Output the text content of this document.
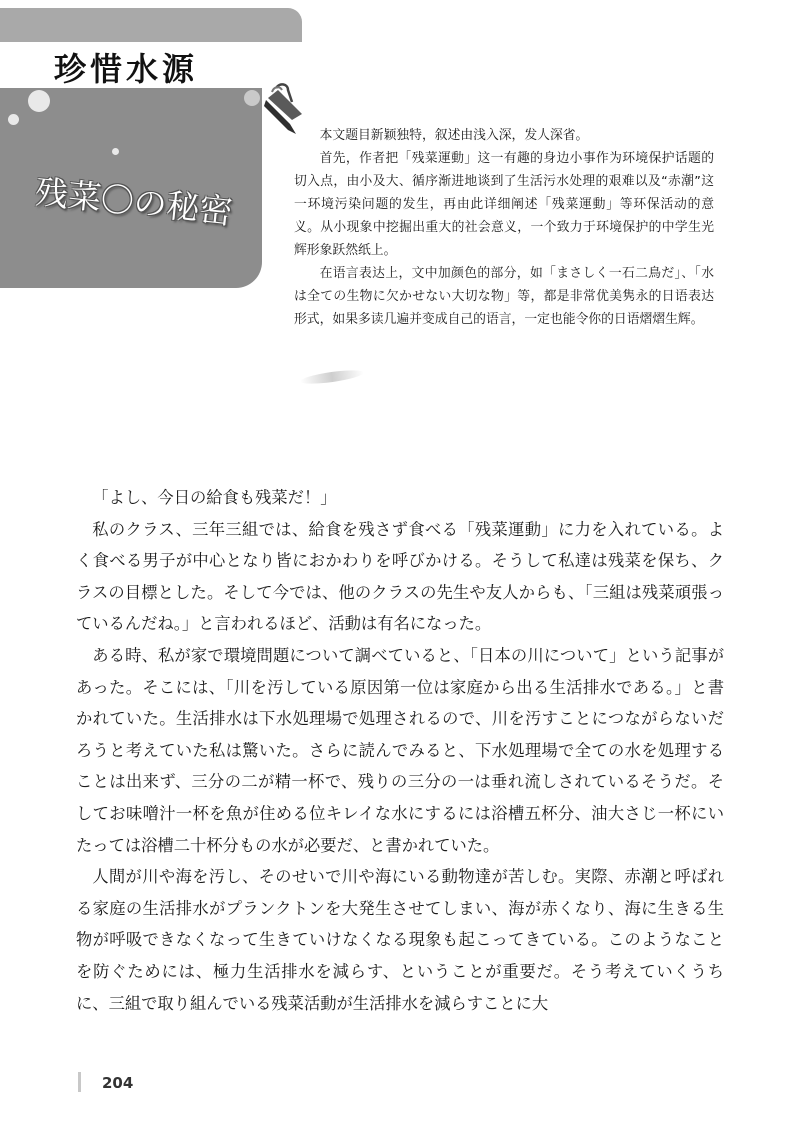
珍惜水源
残菜〇の秘密

本文题目新颖独特，叙述由浅入深，发人深省。

首先，作者把「残菜運動」这一有趣的身边小事作为环境保护话题的切入点，由小及大、循序渐进地谈到了生活污水处理的艰难以及“赤潮”这一环境污染问题的发生，再由此详细阐述「残菜運動」等环保活动的意义。从小现象中挖掘出重大的社会意义，一个致力于环境保护的中学生光辉形象跃然纸上。

在语言表达上，文中加颜色的部分，如「まさしく一石二鳥だ」、「水は全ての生物に欠かせない大切な物」等，都是非常优美隽永的日语表达形式，如果多读几遍并变成自己的语言，一定也能令你的日语熠熠生辉。

「よし、今日の給食も残菜だ！」

私のクラス、三年三組では、給食を残さず食べる「残菜運動」に力を入れている。よく食べる男子が中心となり皆におかわりを呼びかける。そうして私達は残菜を保ち、クラスの目標とした。そして今では、他のクラスの先生や友人からも、「三組は残菜頑張っているんだね。」と言われるほど、活動は有名になった。

ある時、私が家で環境問題について調べていると、「日本の川について」という記事があった。そこには、「川を汚している原因第一位は家庭から出る生活排水である。」と書かれていた。生活排水は下水処理場で処理されるので、川を汚すことにつながらないだろうと考えていた私は驚いた。さらに読んでみると、下水処理場で全ての水を処理することは出来ず、三分の二が精一杯で、残りの三分の一は垂れ流しされているそうだ。そしてお味噌汁一杯を魚が住める位キレイな水にするには浴槽五杯分、油大さじ一杯にいたっては浴槽二十杯分もの水が必要だ、と書かれていた。

人間が川や海を汚し、そのせいで川や海にいる動物達が苦しむ。実際、赤潮と呼ばれる家庭の生活排水がプランクトンを大発生させてしまい、海が赤くなり、海に生きる生物が呼吸できなくなって生きていけなくなる現象も起こってきている。このようなことを防ぐためには、極力生活排水を減らす、ということが重要だ。そう考えていくうちに、三組で取り組んでいる残菜活動が生活排水を減らすことに大

204
